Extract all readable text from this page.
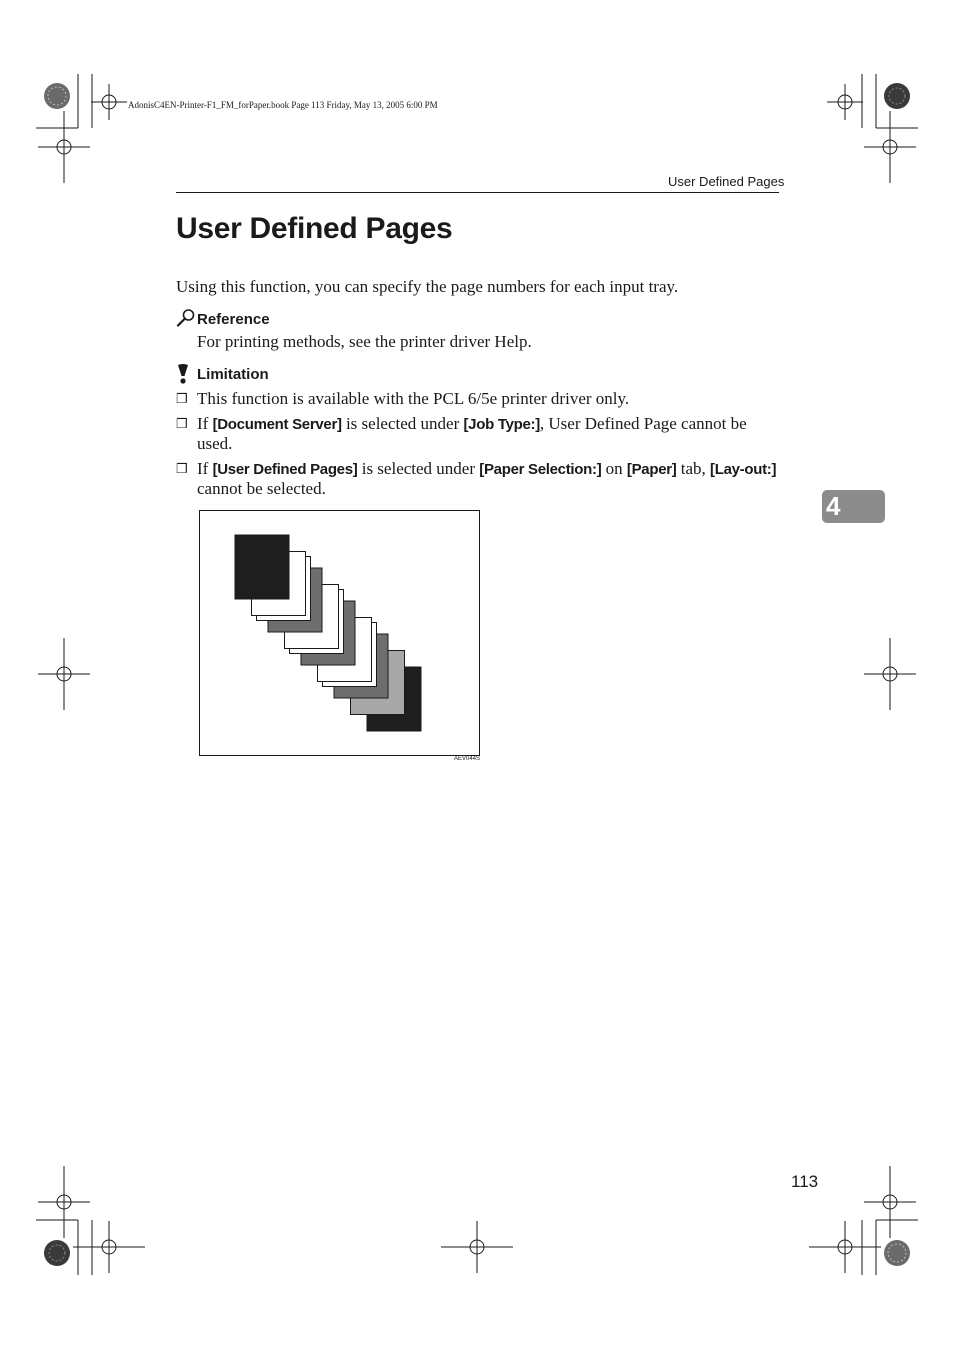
AdonisC4EN-Printer-F1_FM_forPaper.book Page 113 Friday, May 13, 2005 6:00 PM
User Defined Pages
User Defined Pages
Using this function, you can specify the page numbers for each input tray.
Reference
For printing methods, see the printer driver Help.
Limitation
❒ This function is available with the PCL 6/5e printer driver only.
❒ If [Document Server] is selected under [Job Type:], User Defined Page cannot be used.
❒ If [User Defined Pages] is selected under [Paper Selection:] on [Paper] tab, [Lay-out:] cannot be selected.
4
AEV044S
113
